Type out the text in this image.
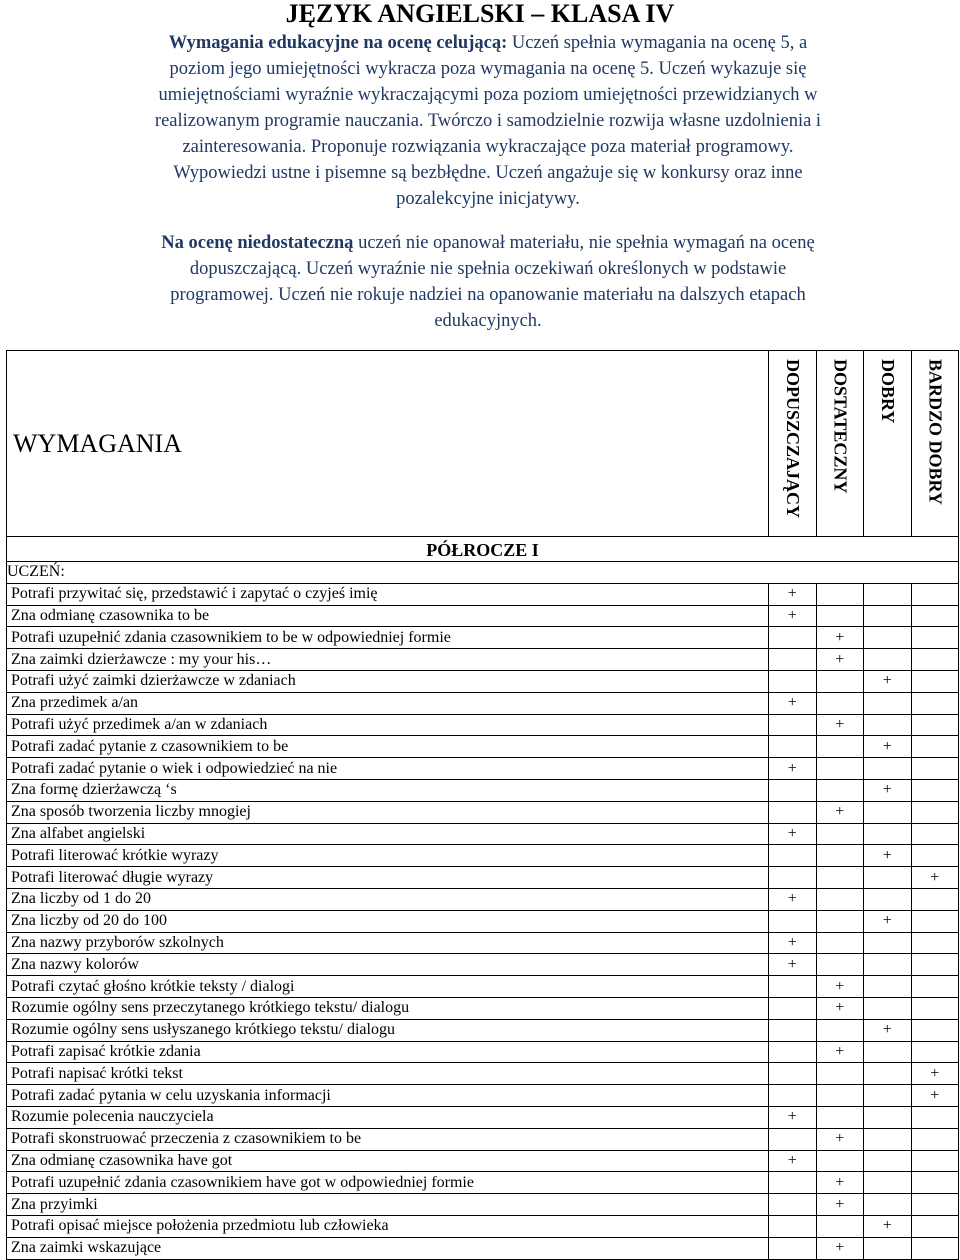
JĘZYK ANGIELSKI – KLASA IV
Wymagania edukacyjne na ocenę celującą: Uczeń spełnia wymagania na ocenę 5, a
poziom jego umiejętności wykracza poza wymagania na ocenę 5. Uczeń wykazuje się
umiejętnościami wyraźnie wykraczającymi poza poziom umiejętności przewidzianych w
realizowanym programie nauczania. Twórczo i samodzielnie rozwija własne uzdolnienia i
zainteresowania. Proponuje rozwiązania wykraczające poza materiał programowy.
Wypowiedzi ustne i pisemne są bezbłędne. Uczeń angażuje się w konkursy oraz inne
pozalekcyjne inicjatywy.
Na ocenę niedostateczną uczeń nie opanował materiału, nie spełnia wymagań na ocenę
dopuszczającą. Uczeń wyraźnie nie spełnia oczekiwań określonych w podstawie
programowej. Uczeń nie rokuje nadziei na opanowanie materiału na dalszych etapach
edukacyjnych.
WYMAGANIA	DOPUSZCZAJĄCY	DOSTATECZNY	DOBRY	BARDZO DOBRY

PÓŁROCZE I				
UCZEŃ:				
Potrafi przywitać się, przedstawić i zapytać o czyjeś imię	+			
Zna odmianę czasownika to be	+			
Potrafi uzupełnić zdania czasownikiem to be w odpowiedniej formie		+		
Zna zaimki dzierżawcze : my your his…		+		
Potrafi użyć zaimki dzierżawcze w zdaniach			+	
Zna przedimek a/an	+			
Potrafi użyć przedimek a/an w zdaniach		+		
Potrafi zadać pytanie z czasownikiem to be			+	
Potrafi zadać pytanie o wiek i odpowiedzieć na nie	+			
Zna formę dzierżawczą ‘s			+	
Zna sposób tworzenia liczby mnogiej		+		
Zna alfabet angielski	+			
Potrafi literować krótkie wyrazy			+	
Potrafi literować długie wyrazy				+
Zna liczby od 1 do 20	+			
Zna liczby od 20 do 100			+	
Zna nazwy przyborów szkolnych	+			
Zna nazwy kolorów	+			
Potrafi czytać głośno krótkie teksty / dialogi		+		
Rozumie ogólny sens przeczytanego krótkiego tekstu/ dialogu		+		
Rozumie ogólny sens usłyszanego krótkiego tekstu/ dialogu			+	
Potrafi zapisać krótkie zdania		+		
Potrafi napisać krótki tekst				+
Potrafi zadać pytania w celu uzyskania informacji				+
Rozumie polecenia nauczyciela	+			
Potrafi skonstruować przeczenia z czasownikiem to be		+		
Zna odmianę czasownika have got	+			
Potrafi uzupełnić zdania czasownikiem have got w odpowiedniej formie		+		
Zna przyimki		+		
Potrafi opisać miejsce położenia przedmiotu lub człowieka			+	
Zna zaimki wskazujące		+		
